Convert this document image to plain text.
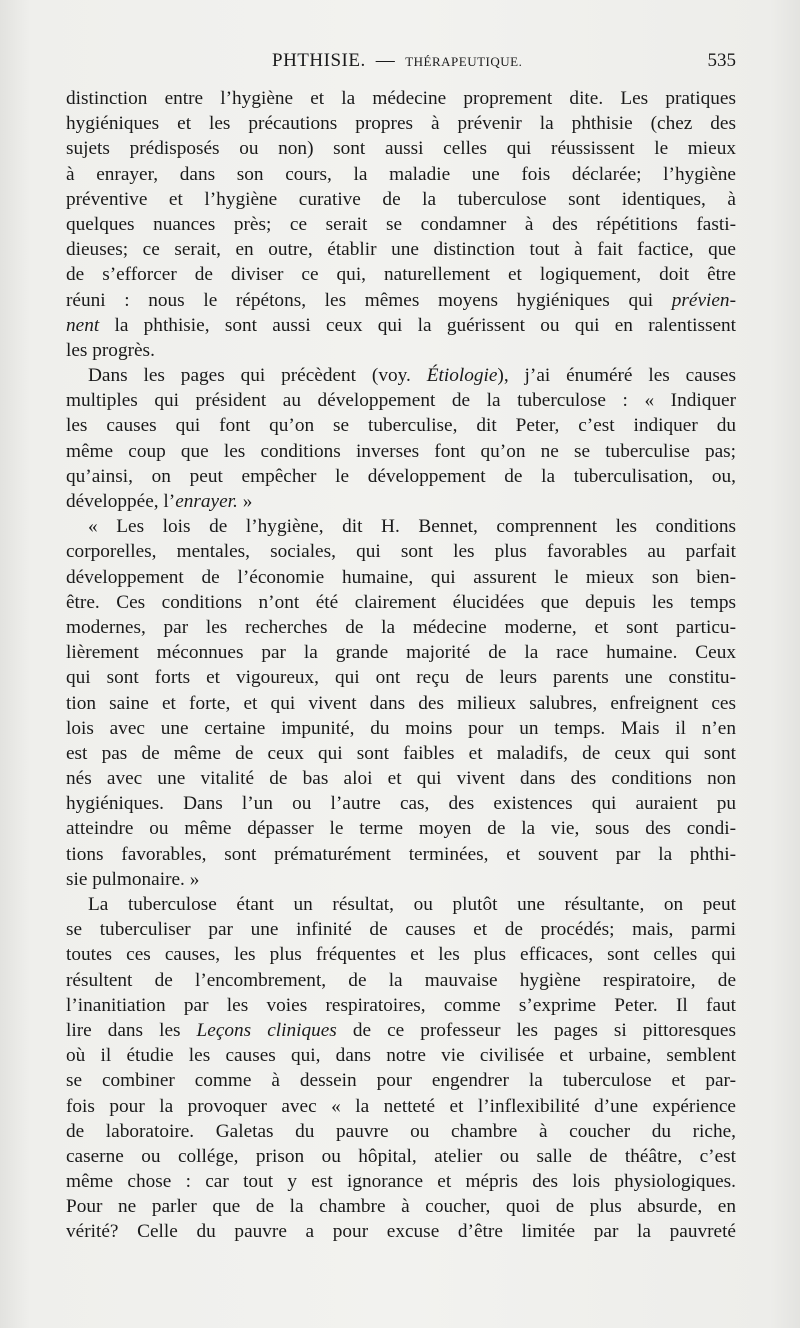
PHTHISIE. — THÉRAPEUTIQUE.	535
distinction entre l’hygiène et la médecine proprement dite. Les pratiques
hygiéniques et les précautions propres à prévenir la phthisie (chez des
sujets prédisposés ou non) sont aussi celles qui réussissent le mieux
à enrayer, dans son cours, la maladie une fois déclarée; l’hygiène
préventive et l’hygiène curative de la tuberculose sont identiques, à
quelques nuances près; ce serait se condamner à des répétitions fasti-
dieuses; ce serait, en outre, établir une distinction tout à fait factice, que
de s’efforcer de diviser ce qui, naturellement et logiquement, doit être
réuni : nous le répétons, les mêmes moyens hygiéniques qui prévien-
nent la phthisie, sont aussi ceux qui la guérissent ou qui en ralentissent
les progrès.
Dans les pages qui précèdent (voy. Étiologie), j’ai énuméré les causes
multiples qui président au développement de la tuberculose : « Indiquer
les causes qui font qu’on se tuberculise, dit Peter, c’est indiquer du
même coup que les conditions inverses font qu’on ne se tuberculise pas;
qu’ainsi, on peut empêcher le développement de la tuberculisation, ou,
développée, l’enrayer. »
« Les lois de l’hygiène, dit H. Bennet, comprennent les conditions
corporelles, mentales, sociales, qui sont les plus favorables au parfait
développement de l’économie humaine, qui assurent le mieux son bien-
être. Ces conditions n’ont été clairement élucidées que depuis les temps
modernes, par les recherches de la médecine moderne, et sont particu-
lièrement méconnues par la grande majorité de la race humaine. Ceux
qui sont forts et vigoureux, qui ont reçu de leurs parents une constitu-
tion saine et forte, et qui vivent dans des milieux salubres, enfreignent ces
lois avec une certaine impunité, du moins pour un temps. Mais il n’en
est pas de même de ceux qui sont faibles et maladifs, de ceux qui sont
nés avec une vitalité de bas aloi et qui vivent dans des conditions non
hygiéniques. Dans l’un ou l’autre cas, des existences qui auraient pu
atteindre ou même dépasser le terme moyen de la vie, sous des condi-
tions favorables, sont prématurément terminées, et souvent par la phthi-
sie pulmonaire. »
La tuberculose étant un résultat, ou plutôt une résultante, on peut
se tuberculiser par une infinité de causes et de procédés; mais, parmi
toutes ces causes, les plus fréquentes et les plus efficaces, sont celles qui
résultent de l’encombrement, de la mauvaise hygiène respiratoire, de
l’inanitiation par les voies respiratoires, comme s’exprime Peter. Il faut
lire dans les Leçons cliniques de ce professeur les pages si pittoresques
où il étudie les causes qui, dans notre vie civilisée et urbaine, semblent
se combiner comme à dessein pour engendrer la tuberculose et par-
fois pour la provoquer avec « la netteté et l’inflexibilité d’une expérience
de laboratoire. Galetas du pauvre ou chambre à coucher du riche,
caserne ou collége, prison ou hôpital, atelier ou salle de théâtre, c’est
même chose : car tout y est ignorance et mépris des lois physiologiques.
Pour ne parler que de la chambre à coucher, quoi de plus absurde, en
vérité? Celle du pauvre a pour excuse d’être limitée par la pauvreté
